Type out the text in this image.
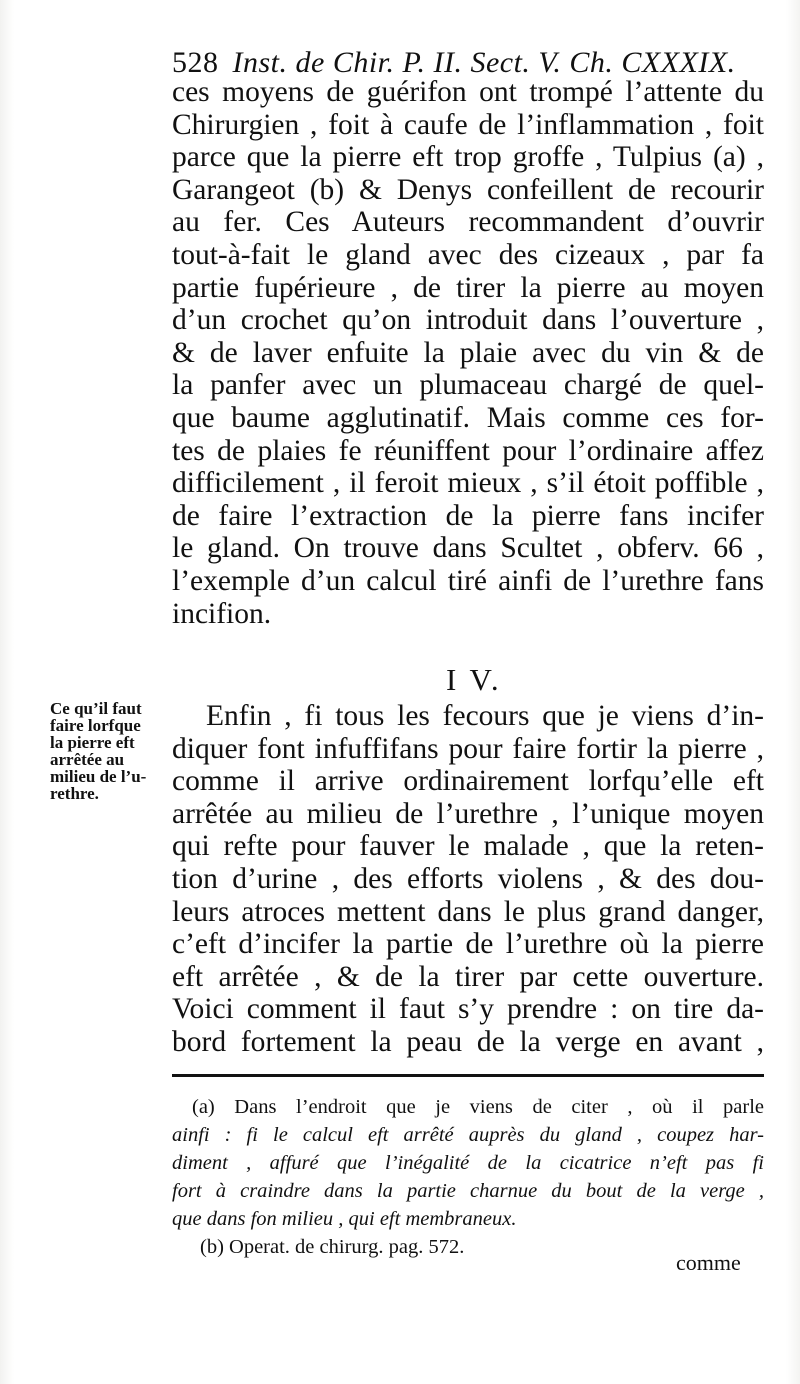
528 Inst. de Chir. P. II. Sect. V. Ch. CXXXIX.
ces moyens de guérifon ont trompé l’attente du
Chirurgien , foit à caufe de l’inflammation , foit
parce que la pierre eft trop groffe , Tulpius (a) ,
Garangeot (b) & Denys confeillent de recourir
au fer. Ces Auteurs recommandent d’ouvrir
tout-à-fait le gland avec des cizeaux , par fa
partie fupérieure , de tirer la pierre au moyen
d’un crochet qu’on introduit dans l’ouverture ,
& de laver enfuite la plaie avec du vin & de
la panfer avec un plumaceau chargé de quel-
que baume agglutinatif. Mais comme ces for-
tes de plaies fe réuniffent pour l’ordinaire affez
difficilement , il feroit mieux , s’il étoit poffible ,
de faire l’extraction de la pierre fans incifer
le gland. On trouve dans Scultet , obferv. 66 ,
l’exemple d’un calcul tiré ainfi de l’urethre fans
incifion.
I V.
Ce qu’il faut
faire lorfque
la pierre eft
arrêtée au
milieu de l’u-
rethre.
Enfin , fi tous les fecours que je viens d’in-
diquer font infuffifans pour faire fortir la pierre ,
comme il arrive ordinairement lorfqu’elle eft
arrêtée au milieu de l’urethre , l’unique moyen
qui refte pour fauver le malade , que la reten-
tion d’urine , des efforts violens , & des dou-
leurs atroces mettent dans le plus grand danger,
c’eft d’incifer la partie de l’urethre où la pierre
eft arrêtée , & de la tirer par cette ouverture.
Voici comment il faut s’y prendre : on tire da-
bord fortement la peau de la verge en avant ,
(a) Dans l’endroit que je viens de citer , où il parle
ainfi : fi le calcul eft arrêté auprès du gland , coupez har-
diment , affuré que l’inégalité de la cicatrice n’eft pas fi
fort à craindre dans la partie charnue du bout de la verge ,
que dans fon milieu , qui eft membraneux.
(b) Operat. de chirurg. pag. 572.
comme
